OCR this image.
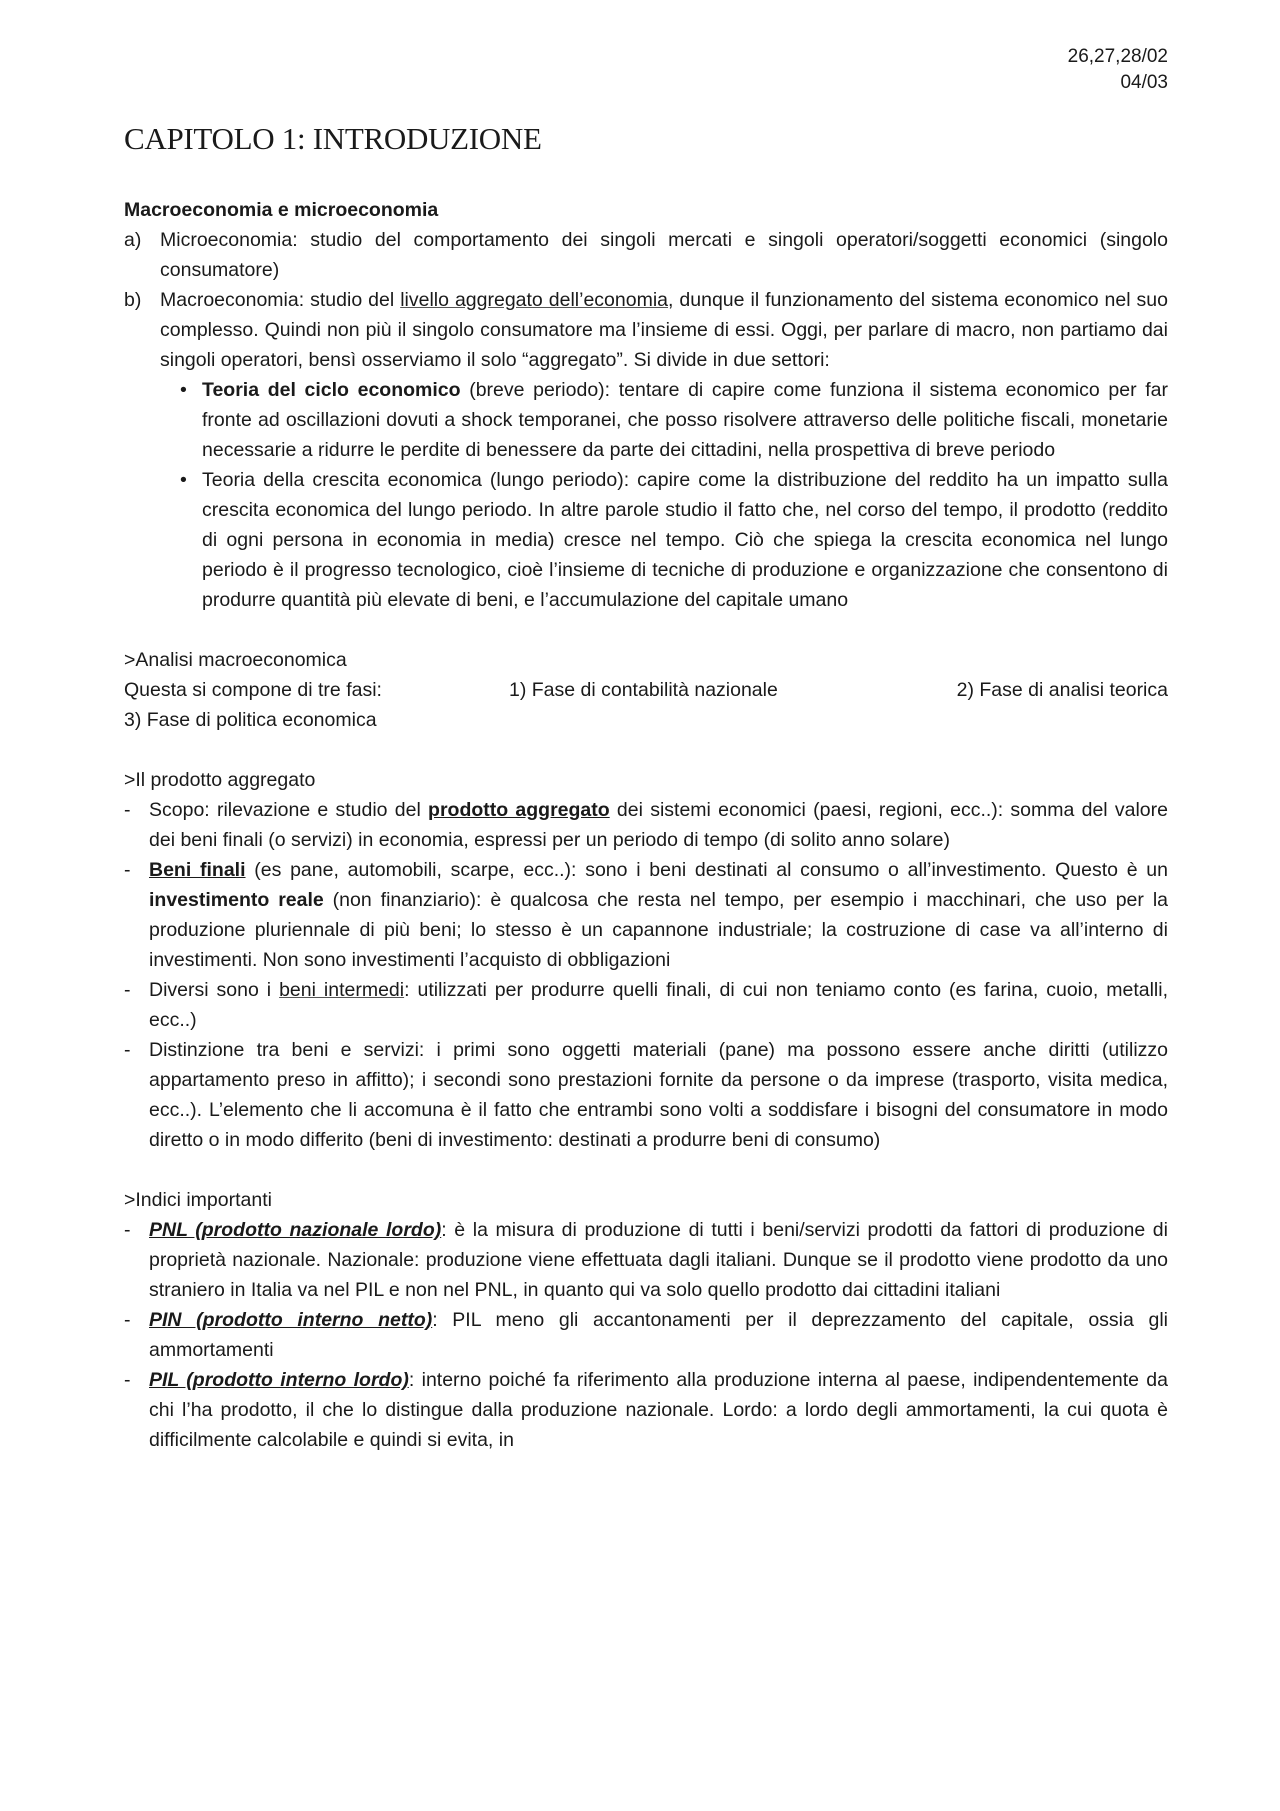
26,27,28/02
04/03
CAPITOLO 1: INTRODUZIONE
Macroeconomia e microeconomia
a) Microeconomia: studio del comportamento dei singoli mercati e singoli operatori/soggetti economici (singolo consumatore)
b) Macroeconomia: studio del livello aggregato dell’economia, dunque il funzionamento del sistema economico nel suo complesso. Quindi non più il singolo consumatore ma l’insieme di essi. Oggi, per parlare di macro, non partiamo dai singoli operatori, bensì osserviamo il solo “aggregato”. Si divide in due settori:
• Teoria del ciclo economico (breve periodo): tentare di capire come funziona il sistema economico per far fronte ad oscillazioni dovuti a shock temporanei, che posso risolvere attraverso delle politiche fiscali, monetarie necessarie a ridurre le perdite di benessere da parte dei cittadini, nella prospettiva di breve periodo
• Teoria della crescita economica (lungo periodo): capire come la distribuzione del reddito ha un impatto sulla crescita economica del lungo periodo. In altre parole studio il fatto che, nel corso del tempo, il prodotto (reddito di ogni persona in economia in media) cresce nel tempo. Ciò che spiega la crescita economica nel lungo periodo è il progresso tecnologico, cioè l’insieme di tecniche di produzione e organizzazione che consentono di produrre quantità più elevate di beni, e l’accumulazione del capitale umano
>Analisi macroeconomica
Questa si compone di tre fasi:	1) Fase di contabilità nazionale	2) Fase di analisi teorica
3) Fase di politica economica
>Il prodotto aggregato
- Scopo: rilevazione e studio del prodotto aggregato dei sistemi economici (paesi, regioni, ecc..): somma del valore dei beni finali (o servizi) in economia, espressi per un periodo di tempo (di solito anno solare)
- Beni finali (es pane, automobili, scarpe, ecc..): sono i beni destinati al consumo o all’investimento. Questo è un investimento reale (non finanziario): è qualcosa che resta nel tempo, per esempio i macchinari, che uso per la produzione pluriennale di più beni; lo stesso è un capannone industriale; la costruzione di case va all’interno di investimenti. Non sono investimenti l’acquisto di obbligazioni
- Diversi sono i beni intermedi: utilizzati per produrre quelli finali, di cui non teniamo conto (es farina, cuoio, metalli, ecc..)
- Distinzione tra beni e servizi: i primi sono oggetti materiali (pane) ma possono essere anche diritti (utilizzo appartamento preso in affitto); i secondi sono prestazioni fornite da persone o da imprese (trasporto, visita medica, ecc..). L’elemento che li accomuna è il fatto che entrambi sono volti a soddisfare i bisogni del consumatore in modo diretto o in modo differito (beni di investimento: destinati a produrre beni di consumo)
>Indici importanti
- PNL (prodotto nazionale lordo): è la misura di produzione di tutti i beni/servizi prodotti da fattori di produzione di proprietà nazionale. Nazionale: produzione viene effettuata dagli italiani. Dunque se il prodotto viene prodotto da uno straniero in Italia va nel PIL e non nel PNL, in quanto qui va solo quello prodotto dai cittadini italiani
- PIN (prodotto interno netto): PIL meno gli accantonamenti per il deprezzamento del capitale, ossia gli ammortamenti
- PIL (prodotto interno lordo): interno poiché fa riferimento alla produzione interna al paese, indipendentemente da chi l’ha prodotto, il che lo distingue dalla produzione nazionale. Lordo: a lordo degli ammortamenti, la cui quota è difficilmente calcolabile e quindi si evita, in
